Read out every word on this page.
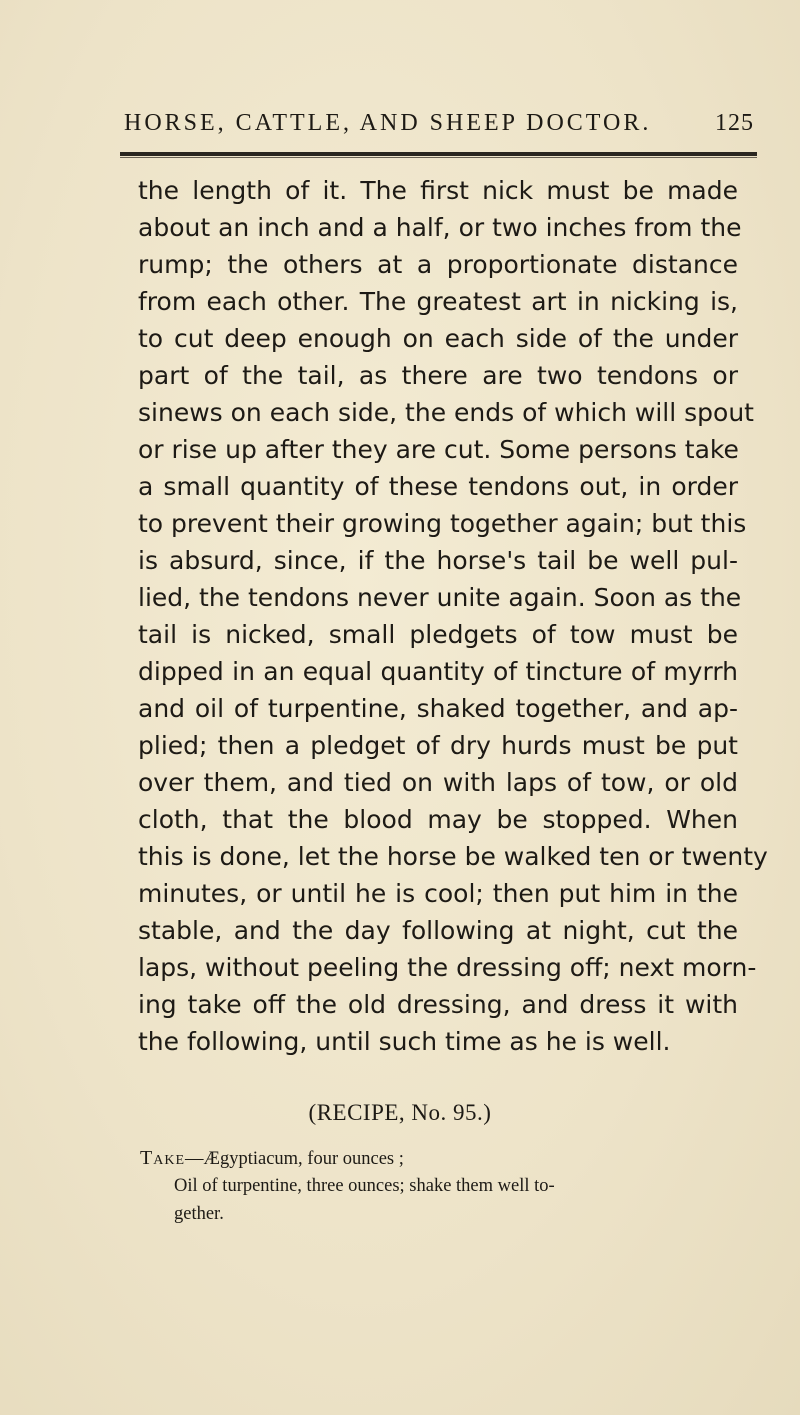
HORSE, CATTLE, AND SHEEP DOCTOR.	125
the length of it. The first nick must be made
about an inch and a half, or two inches from the
rump; the others at a proportionate distance
from each other. The greatest art in nicking is,
to cut deep enough on each side of the under
part of the tail, as there are two tendons or
sinews on each side, the ends of which will spout
or rise up after they are cut. Some persons take
a small quantity of these tendons out, in order
to prevent their growing together again; but this
is absurd, since, if the horse's tail be well pul-
lied, the tendons never unite again. Soon as the
tail is nicked, small pledgets of tow must be
dipped in an equal quantity of tincture of myrrh
and oil of turpentine, shaked together, and ap-
plied; then a pledget of dry hurds must be put
over them, and tied on with laps of tow, or old
cloth, that the blood may be stopped. When
this is done, let the horse be walked ten or twenty
minutes, or until he is cool; then put him in the
stable, and the day following at night, cut the
laps, without peeling the dressing off; next morn-
ing take off the old dressing, and dress it with
the following, until such time as he is well.
(RECIPE, No. 95.)
Take—Ægyptiacum, four ounces ;
Oil of turpentine, three ounces; shake them well to-
gether.
